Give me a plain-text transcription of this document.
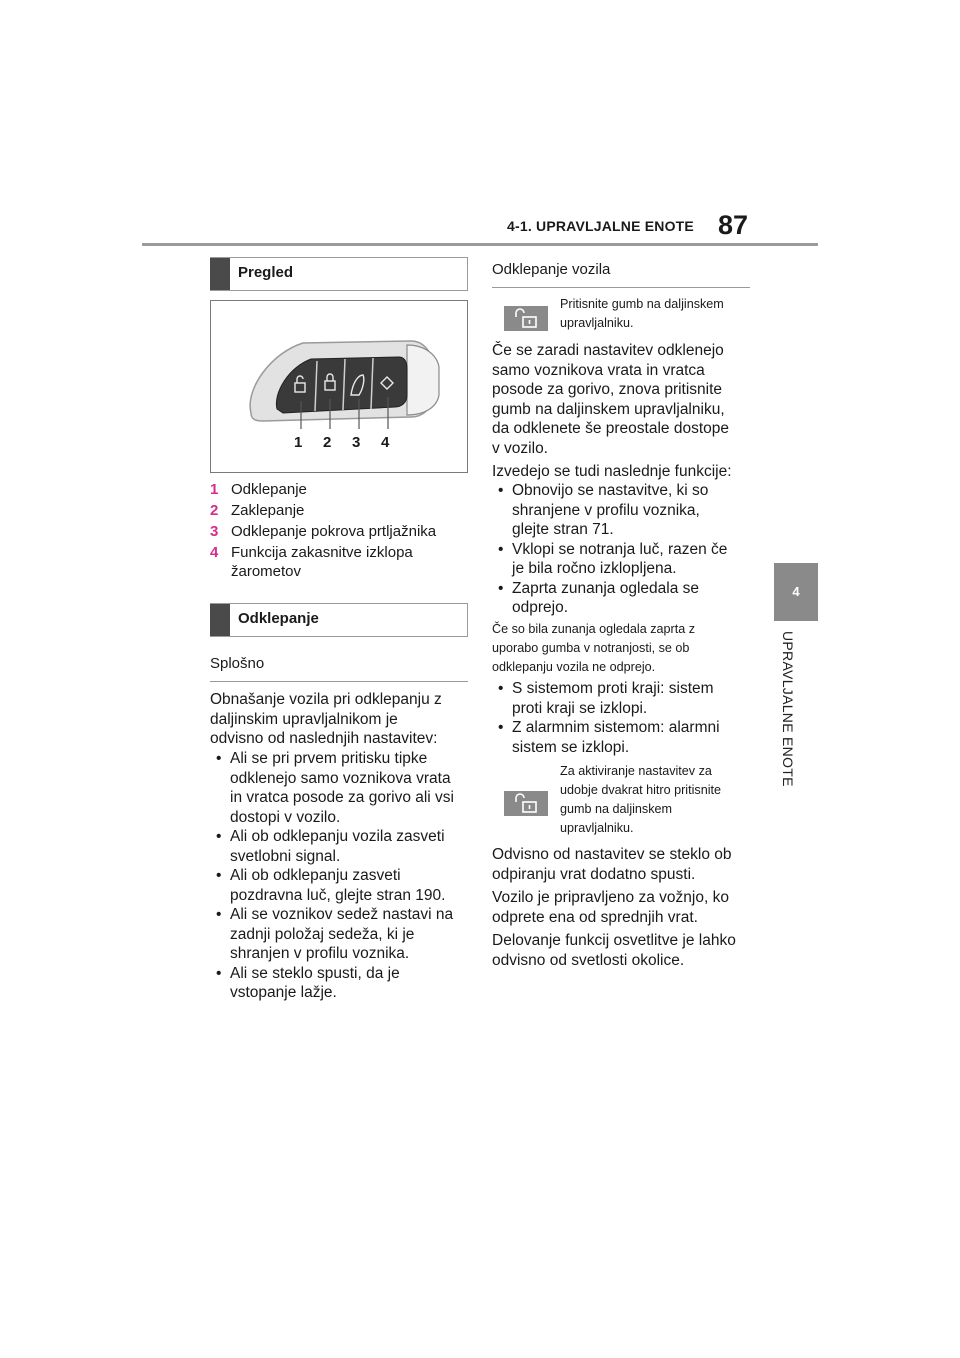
4-1. UPRAVLJALNE ENOTE 87
4
UPRAVLJALNE ENOTE
Pregled
1 2 3 4
1 Odklepanje
2 Zaklepanje
3 Odklepanje pokrova prtljažnika
4 Funkcija zakasnitve izklopa
žarometov
Odklepanje
Splošno
Obnašanje vozila pri odklepanju z
daljinskim upravljalnikom je
odvisno od naslednjih nastavitev:
• Ali se pri prvem pritisku tipke
odklenejo samo voznikova vrata
in vratca posode za gorivo ali vsi
dostopi v vozilo.
• Ali ob odklepanju vozila zasveti
svetlobni signal.
• Ali ob odklepanju zasveti
pozdravna luč, glejte stran 190.
• Ali se voznikov sedež nastavi na
zadnji položaj sedeža, ki je
shranjen v profilu voznika.
• Ali se steklo spusti, da je
vstopanje lažje.
Odklepanje vozila
Pritisnite gumb na daljinskem
upravljalniku.
Če se zaradi nastavitev odklenejo
samo voznikova vrata in vratca
posode za gorivo, znova pritisnite
gumb na daljinskem upravljalniku,
da odklenete še preostale dostope
v vozilo.
Izvedejo se tudi naslednje funkcije:
• Obnovijo se nastavitve, ki so
shranjene v profilu voznika,
glejte stran 71.
• Vklopi se notranja luč, razen če
je bila ročno izklopljena.
• Zaprta zunanja ogledala se
odprejo.
Če so bila zunanja ogledala zaprta z
uporabo gumba v notranjosti, se ob
odklepanju vozila ne odprejo.
• S sistemom proti kraji: sistem
proti kraji se izklopi.
• Z alarmnim sistemom: alarmni
sistem se izklopi.
Za aktiviranje nastavitev za
udobje dvakrat hitro pritisnite
gumb na daljinskem
upravljalniku.
Odvisno od nastavitev se steklo ob
odpiranju vrat dodatno spusti.
Vozilo je pripravljeno za vožnjo, ko
odprete ena od sprednjih vrat.
Delovanje funkcij osvetlitve je lahko
odvisno od svetlosti okolice.
